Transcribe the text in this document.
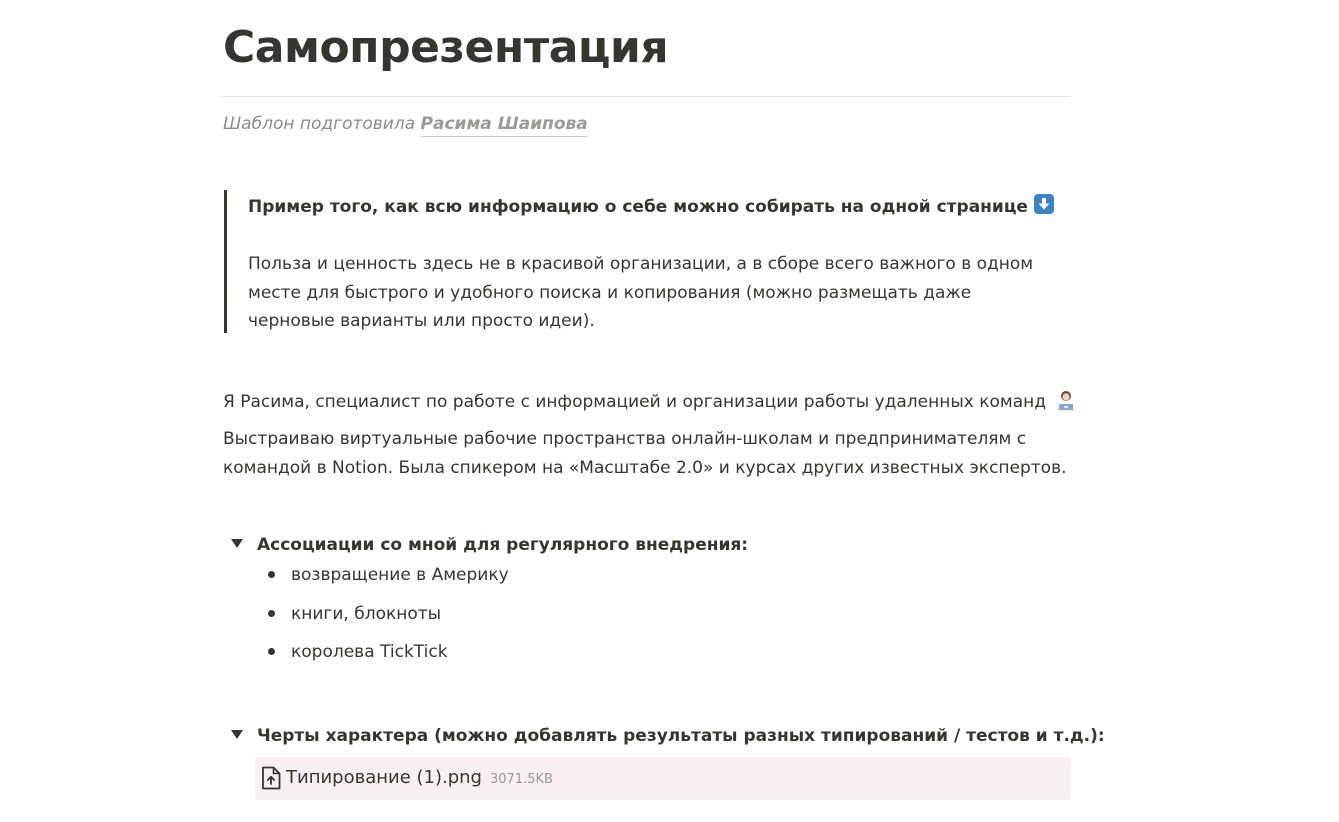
Самопрезентация
Шаблон подготовила Расима Шаипова
Пример того, как всю информацию о себе можно собирать на одной странице
Польза и ценность здесь не в красивой организации, а в сборе всего важного в одном месте для быстрого и удобного поиска и копирования (можно размещать даже черновые варианты или просто идеи).
Я Расима, специалист по работе с информацией и организации работы удаленных команд
Выстраиваю виртуальные рабочие пространства онлайн-школам и предпринимателям с командой в Notion. Была спикером на «Масштабе 2.0» и курсах других известных экспертов.
Ассоциации со мной для регулярного внедрения:
возвращение в Америку
книги, блокноты
королева TickTick
Черты характера (можно добавлять результаты разных типирований / тестов и т.д.):
Типирование (1).png 3071.5KB
